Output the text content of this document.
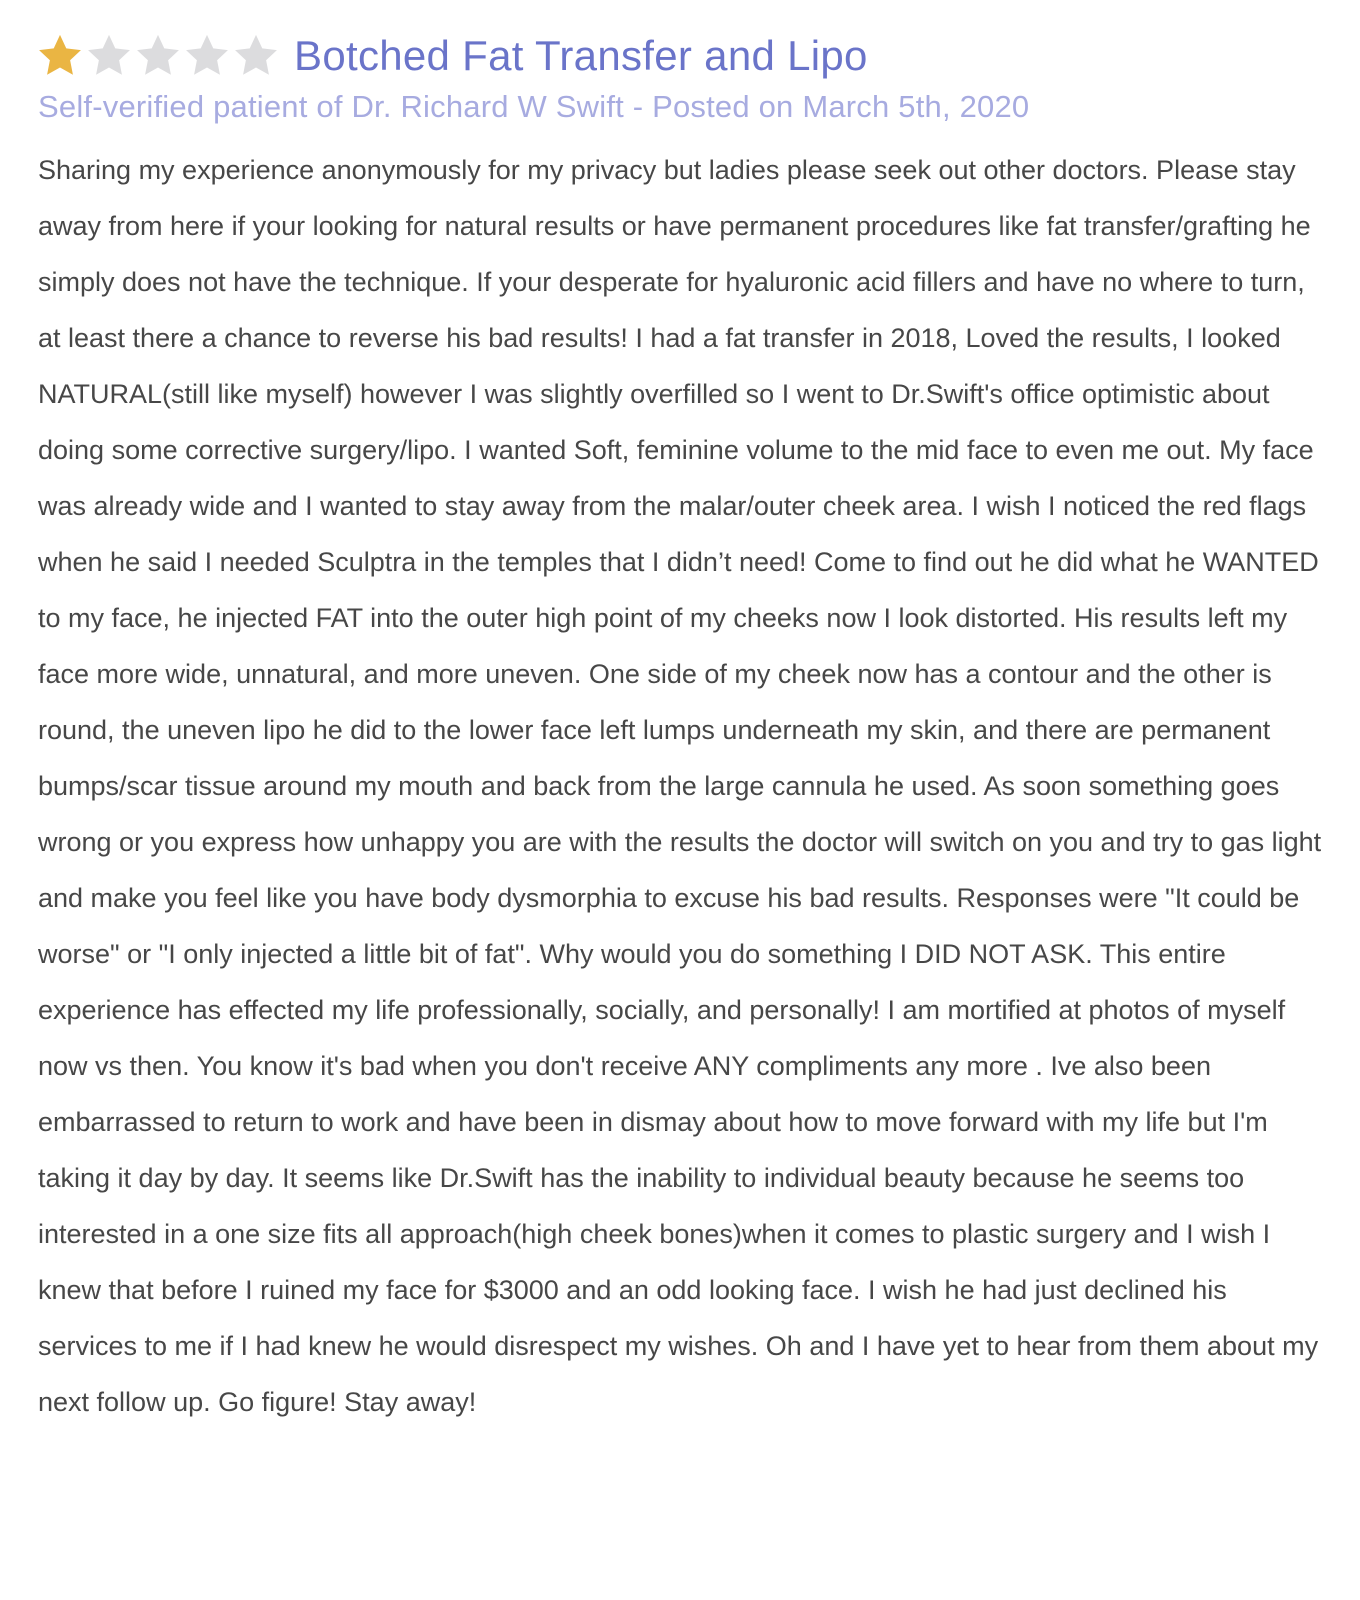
Botched Fat Transfer and Lipo
Self-verified patient of Dr. Richard W Swift - Posted on March 5th, 2020

Sharing my experience anonymously for my privacy but ladies please seek out other doctors. Please stay away from here if your looking for natural results or have permanent procedures like fat transfer/grafting he simply does not have the technique. If your desperate for hyaluronic acid fillers and have no where to turn, at least there a chance to reverse his bad results! I had a fat transfer in 2018, Loved the results, I looked NATURAL(still like myself) however I was slightly overfilled so I went to Dr.Swift's office optimistic about doing some corrective surgery/lipo. I wanted Soft, feminine volume to the mid face to even me out. My face was already wide and I wanted to stay away from the malar/outer cheek area. I wish I noticed the red flags when he said I needed Sculptra in the temples that I didn’t need! Come to find out he did what he WANTED to my face, he injected FAT into the outer high point of my cheeks now I look distorted. His results left my face more wide, unnatural, and more uneven. One side of my cheek now has a contour and the other is round, the uneven lipo he did to the lower face left lumps underneath my skin, and there are permanent bumps/scar tissue around my mouth and back from the large cannula he used. As soon something goes wrong or you express how unhappy you are with the results the doctor will switch on you and try to gas light and make you feel like you have body dysmorphia to excuse his bad results. Responses were "It could be worse" or "I only injected a little bit of fat". Why would you do something I DID NOT ASK. This entire experience has effected my life professionally, socially, and personally! I am mortified at photos of myself now vs then. You know it's bad when you don't receive ANY compliments any more . Ive also been embarrassed to return to work and have been in dismay about how to move forward with my life but I'm taking it day by day. It seems like Dr.Swift has the inability to individual beauty because he seems too interested in a one size fits all approach(high cheek bones)when it comes to plastic surgery and I wish I knew that before I ruined my face for $3000 and an odd looking face. I wish he had just declined his services to me if I had knew he would disrespect my wishes. Oh and I have yet to hear from them about my next follow up. Go figure! Stay away!
